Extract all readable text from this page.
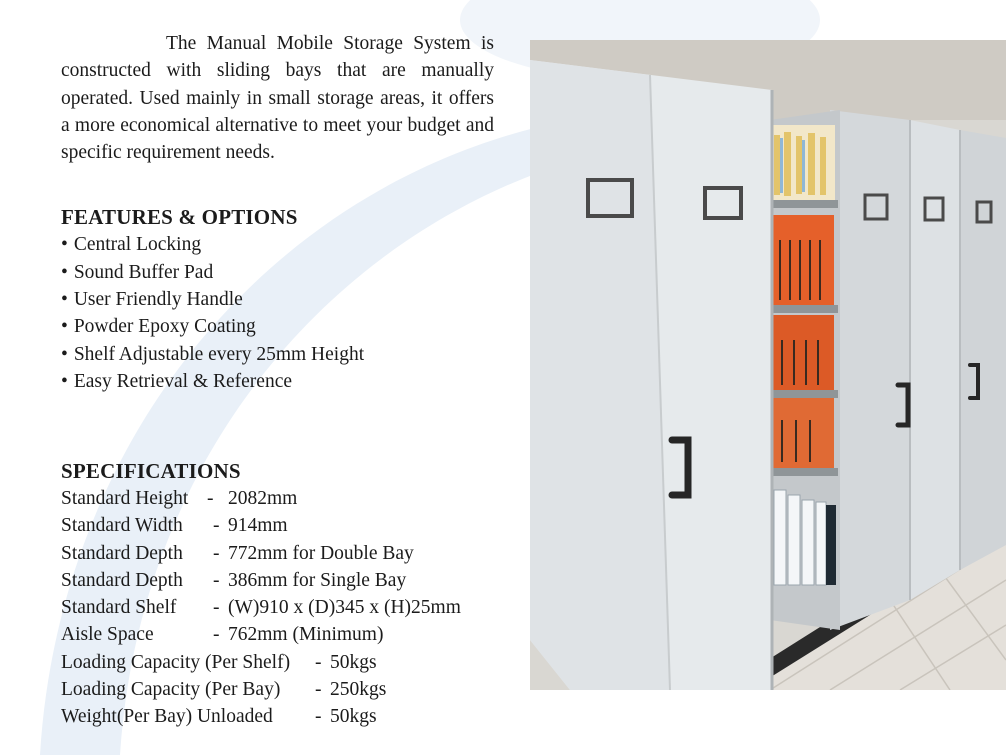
The Manual Mobile Storage System is constructed with sliding bays that are manually operated. Used mainly in small storage areas, it offers a more economical alternative to meet your budget and specific requirement needs.

FEATURES & OPTIONS
• Central Locking
• Sound Buffer Pad
• User Friendly Handle
• Powder Epoxy Coating
• Shelf Adjustable every 25mm Height
• Easy Retrieval & Reference
SPECIFICATIONS
Standard Height - 2082mm
Standard Width - 914mm
Standard Depth - 772mm for Double Bay
Standard Depth - 386mm for Single Bay
Standard Shelf - (W)910 x (D)345 x (H)25mm
Aisle Space	- 762mm (Minimum)
Loading Capacity (Per Shelf) - 50kgs
Loading Capacity (Per Bay) - 250kgs
Weight(Per Bay) Unloaded - 50kgs
